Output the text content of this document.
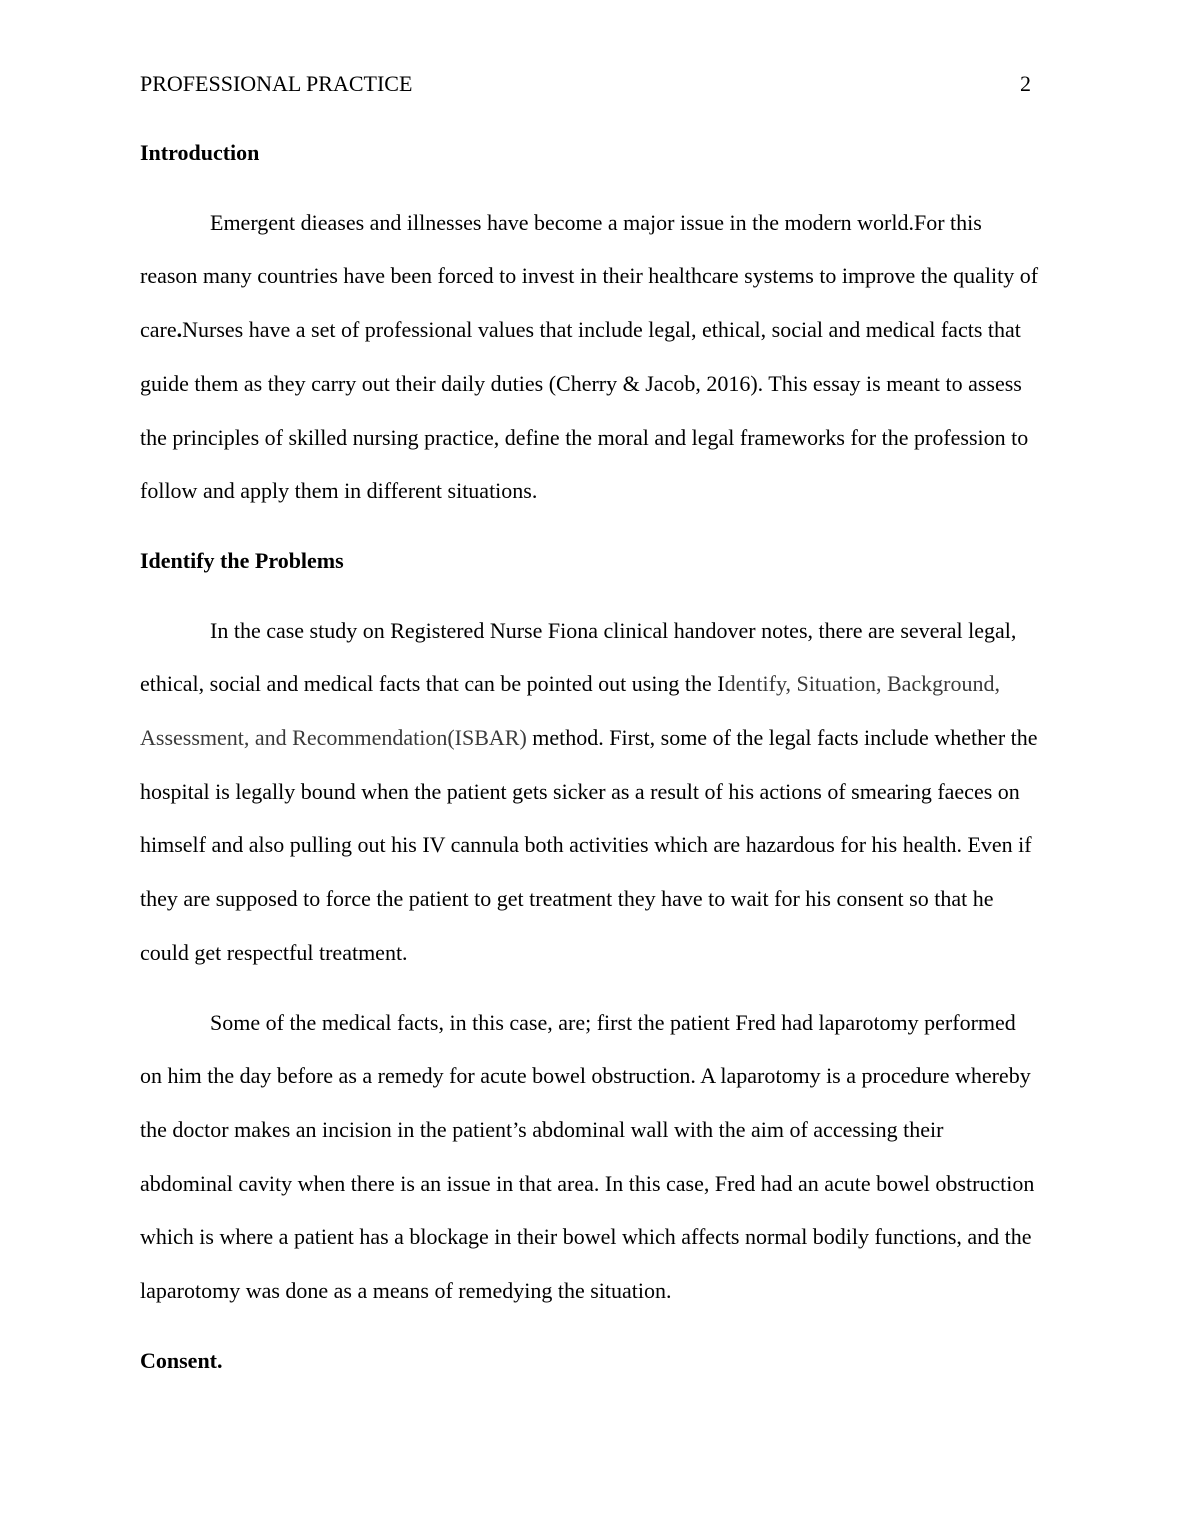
PROFESSIONAL PRACTICE	2
Introduction

Emergent dieases and illnesses have become a major issue in the modern world.For this reason many countries have been forced to invest in their healthcare systems to improve the quality of care.Nurses have a set of professional values that include legal, ethical, social and medical facts that guide them as they carry out their daily duties (Cherry & Jacob, 2016). This essay is meant to assess the principles of skilled nursing practice, define the moral and legal frameworks for the profession to follow and apply them in different situations.

Identify the Problems

In the case study on Registered Nurse Fiona clinical handover notes, there are several legal, ethical, social and medical facts that can be pointed out using the Identify, Situation, Background, Assessment, and Recommendation(ISBAR) method. First, some of the legal facts include whether the hospital is legally bound when the patient gets sicker as a result of his actions of smearing faeces on himself and also pulling out his IV cannula both activities which are hazardous for his health. Even if they are supposed to force the patient to get treatment they have to wait for his consent so that he could get respectful treatment.

Some of the medical facts, in this case, are; first the patient Fred had laparotomy performed on him the day before as a remedy for acute bowel obstruction. A laparotomy is a procedure whereby the doctor makes an incision in the patient’s abdominal wall with the aim of accessing their abdominal cavity when there is an issue in that area. In this case, Fred had an acute bowel obstruction which is where a patient has a blockage in their bowel which affects normal bodily functions, and the laparotomy was done as a means of remedying the situation.

Consent.
